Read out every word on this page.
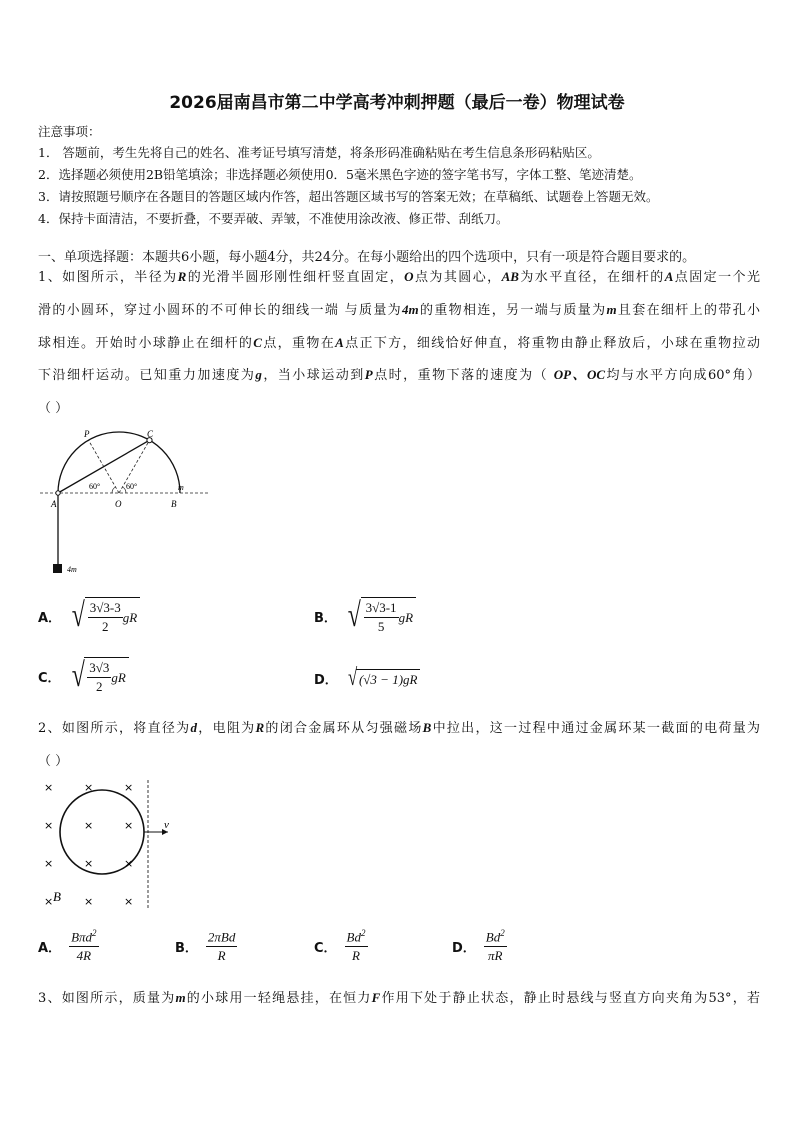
2026届南昌市第二中学高考冲刺押题（最后一卷）物理试卷
注意事项：
1． 答题前，考生先将自己的姓名、准考证号填写清楚，将条形码准确粘贴在考生信息条形码粘贴区。
2．选择题必须使用2B铅笔填涂；非选择题必须使用0．5毫米黑色字迹的签字笔书写，字体工整、笔迹清楚。
3．请按照题号顺序在各题目的答题区域内作答，超出答题区域书写的答案无效；在草稿纸、试题卷上答题无效。
4．保持卡面清洁，不要折叠，不要弄破、弄皱，不准使用涂改液、修正带、刮纸刀。
一、单项选择题：本题共6小题，每小题4分，共24分。在每小题给出的四个选项中，只有一项是符合题目要求的。
1、如图所示，半径为R的光滑半圆形刚性细杆竖直固定，O点为其圆心，AB为水平直径，在细杆的A点固定一个光
滑的小圆环，穿过小圆环的不可伸长的细线一端 与质量为4m的重物相连，另一端与质量为m且套在细杆上的带孔小
球相连。开始时小球静止在细杆的C点，重物在A点正下方，细线恰好伸直，将重物由静止释放后，小球在重物拉动
下沿细杆运动。已知重力加速度为g，当小球运动到P点时，重物下落的速度为（ OP、OC均与水平方向成60°角）
（ ）
P	C
60°	60°	m
A	O	B
4m
A． √ $\frac{3√3-3}{2}$ gR	B． √ $\frac{3√3-1}{5}$ gR
C． √ $\frac{3√3}{2}$ gR	D． √ (√3 − 1)gR
2、如图所示，将直径为d，电阻为R的闭合金属环从匀强磁场B中拉出，这一过程中通过金属环某一截面的电荷量为
（ ）
×	×	×
×	×	×
×	×	×
×	×	×
B
v
A． $\frac{B\pi d^2}{4R}$	B． $\frac{\text{2πBd}}{R}$	C． $\frac{Bd^2}{R}$	D． $\frac{Bd^2}{\pi R}$
3、如图所示，质量为m的小球用一轻绳悬挂，在恒力F作用下处于静止状态，静止时悬线与竖直方向夹角为53°，若
